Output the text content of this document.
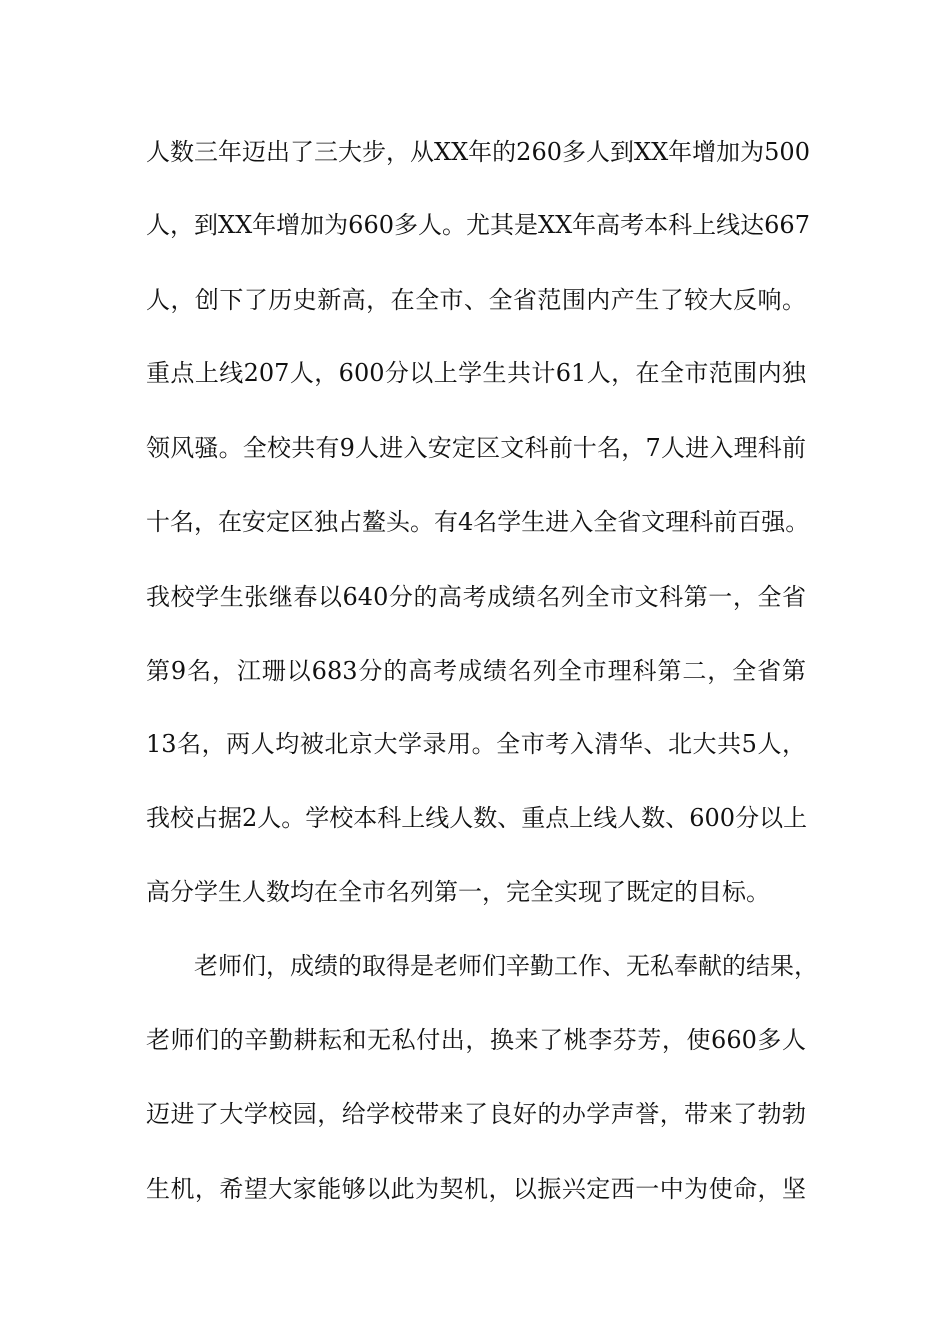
人数三年迈出了三大步，从XX年的260多人到XX年增加为500
人，到XX年增加为660多人。尤其是XX年高考本科上线达667
人，创下了历史新高，在全市、全省范围内产生了较大反响。
重点上线207人，600分以上学生共计61人，在全市范围内独
领风骚。全校共有9人进入安定区文科前十名，7人进入理科前
十名，在安定区独占鳌头。有4名学生进入全省文理科前百强。
我校学生张继春以640分的高考成绩名列全市文科第一，全省
第9名，江珊以683分的高考成绩名列全市理科第二，全省第
13名，两人均被北京大学录用。全市考入清华、北大共5人，
我校占据2人。学校本科上线人数、重点上线人数、600分以上
高分学生人数均在全市名列第一，完全实现了既定的目标。
老师们，成绩的取得是老师们辛勤工作、无私奉献的结果，
老师们的辛勤耕耘和无私付出，换来了桃李芬芳，使660多人
迈进了大学校园，给学校带来了良好的办学声誉，带来了勃勃
生机，希望大家能够以此为契机，以振兴定西一中为使命，坚
